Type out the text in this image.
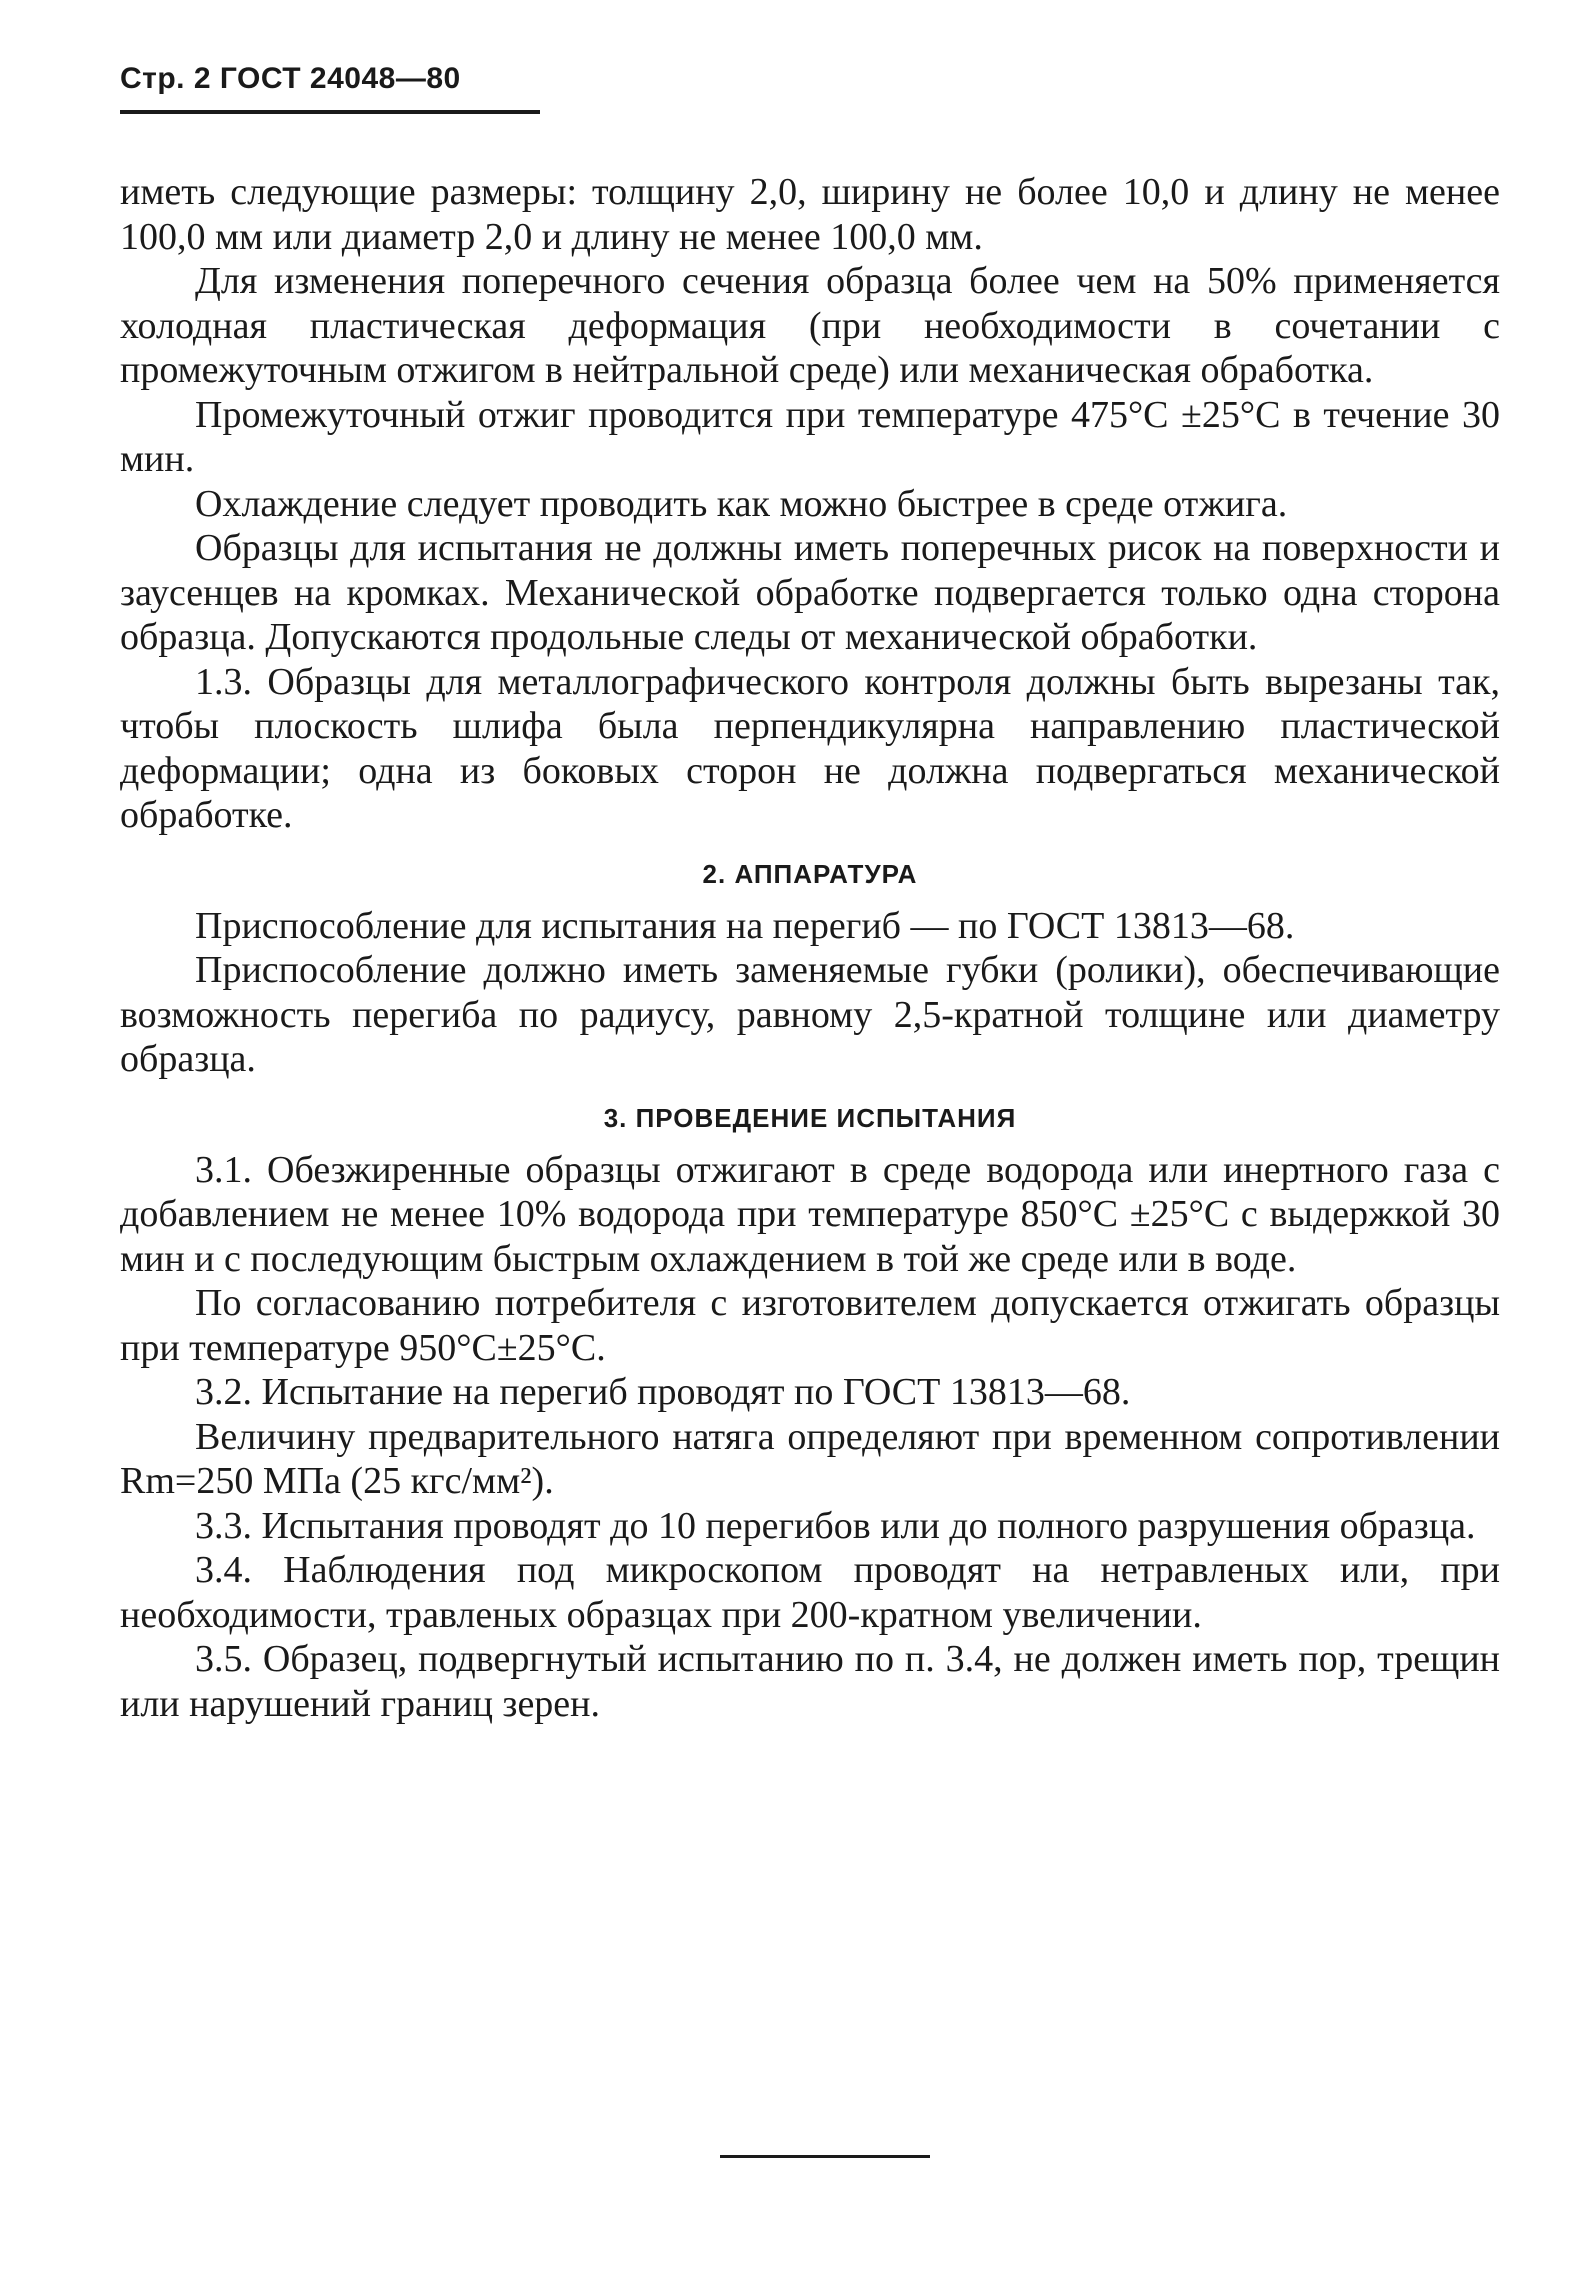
Стр. 2 ГОСТ 24048—80

иметь следующие размеры: толщину 2,0, ширину не более 10,0 и длину не менее 100,0 мм или диаметр 2,0 и длину не менее 100,0 мм.

Для изменения поперечного сечения образца более чем на 50% применяется холодная пластическая деформация (при необходимости в сочетании с промежуточным отжигом в нейтральной среде) или механическая обработка.

Промежуточный отжиг проводится при температуре 475°С ±25°С в течение 30 мин.

Охлаждение следует проводить как можно быстрее в среде отжига.

Образцы для испытания не должны иметь поперечных рисок на поверхности и заусенцев на кромках. Механической обработке подвергается только одна сторона образца. Допускаются продольные следы от механической обработки.

1.3. Образцы для металлографического контроля должны быть вырезаны так, чтобы плоскость шлифа была перпендикулярна направлению пластической деформации; одна из боковых сторон не должна подвергаться механической обработке.

2. АППАРАТУРА

Приспособление для испытания на перегиб — по ГОСТ 13813—68.

Приспособление должно иметь заменяемые губки (ролики), обеспечивающие возможность перегиба по радиусу, равному 2,5-кратной толщине или диаметру образца.

3. ПРОВЕДЕНИЕ ИСПЫТАНИЯ

3.1. Обезжиренные образцы отжигают в среде водорода или инертного газа с добавлением не менее 10% водорода при температуре 850°С ±25°С с выдержкой 30 мин и с последующим быстрым охлаждением в той же среде или в воде.

По согласованию потребителя с изготовителем допускается отжигать образцы при температуре 950°С±25°С.

3.2. Испытание на перегиб проводят по ГОСТ 13813—68.

Величину предварительного натяга определяют при временном сопротивлении Rm=250 МПа (25 кгс/мм²).

3.3. Испытания проводят до 10 перегибов или до полного разрушения образца.

3.4. Наблюдения под микроскопом проводят на нетравленых или, при необходимости, травленых образцах при 200-кратном увеличении.

3.5. Образец, подвергнутый испытанию по п. 3.4, не должен иметь пор, трещин или нарушений границ зерен.
